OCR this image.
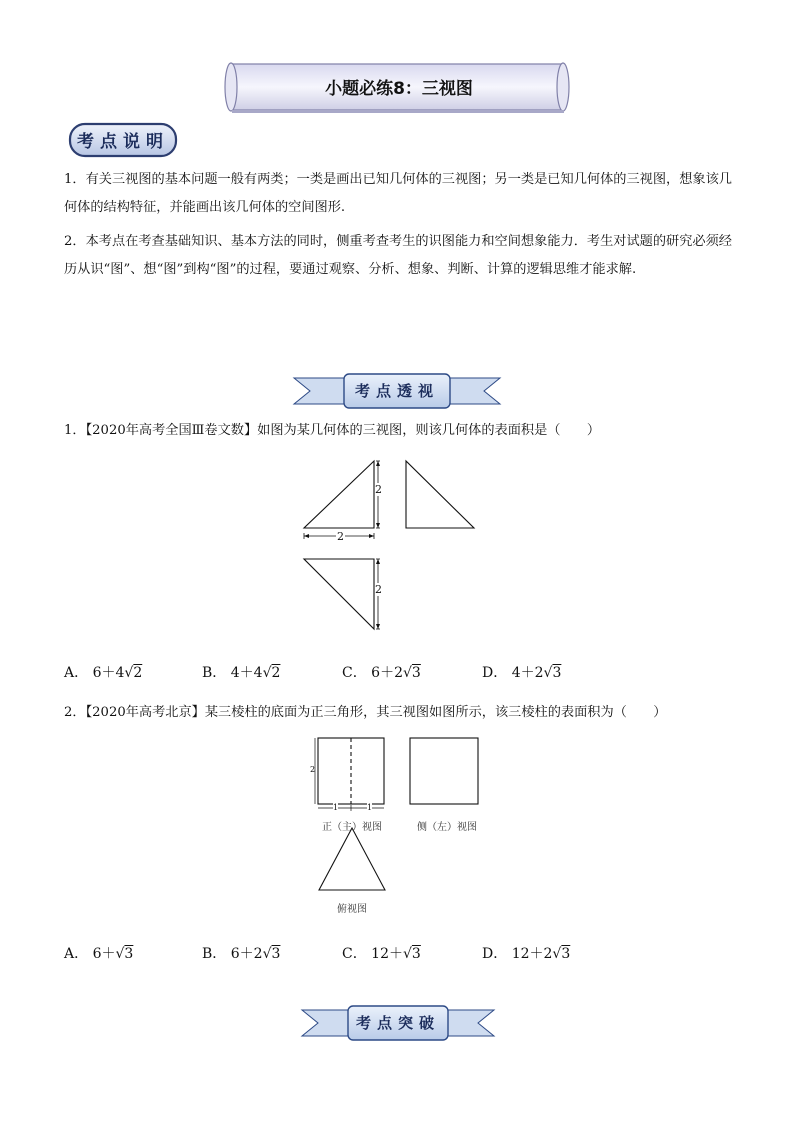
小题必练8：三视图
考点说明
1．有关三视图的基本问题一般有两类；一类是画出已知几何体的三视图；另一类是已知几何体的三视图，想象该几何体的结构特征，并能画出该几何体的空间图形.
2．本考点在考查基础知识、基本方法的同时，侧重考查考生的识图能力和空间想象能力．考生对试题的研究必须经历从识“图”、想“图”到构“图”的过程，要通过观察、分析、想象、判断、计算的逻辑思维才能求解.
考点透视
1．【2020年高考全国Ⅲ卷文数】如图为某几何体的三视图，则该几何体的表面积是（　　）
2
2
2
A． 6＋4√2	B． 4＋4√2	C． 6＋2√3	D． 4＋2√3
2．【2020年高考北京】某三棱柱的底面为正三角形，其三视图如图所示，该三棱柱的表面积为（　　）
2
1	1
正（主）视图	侧（左）视图
俯视图
A． 6＋√3	B． 6＋2√3	C． 12＋√3	D． 12＋2√3
考点突破
